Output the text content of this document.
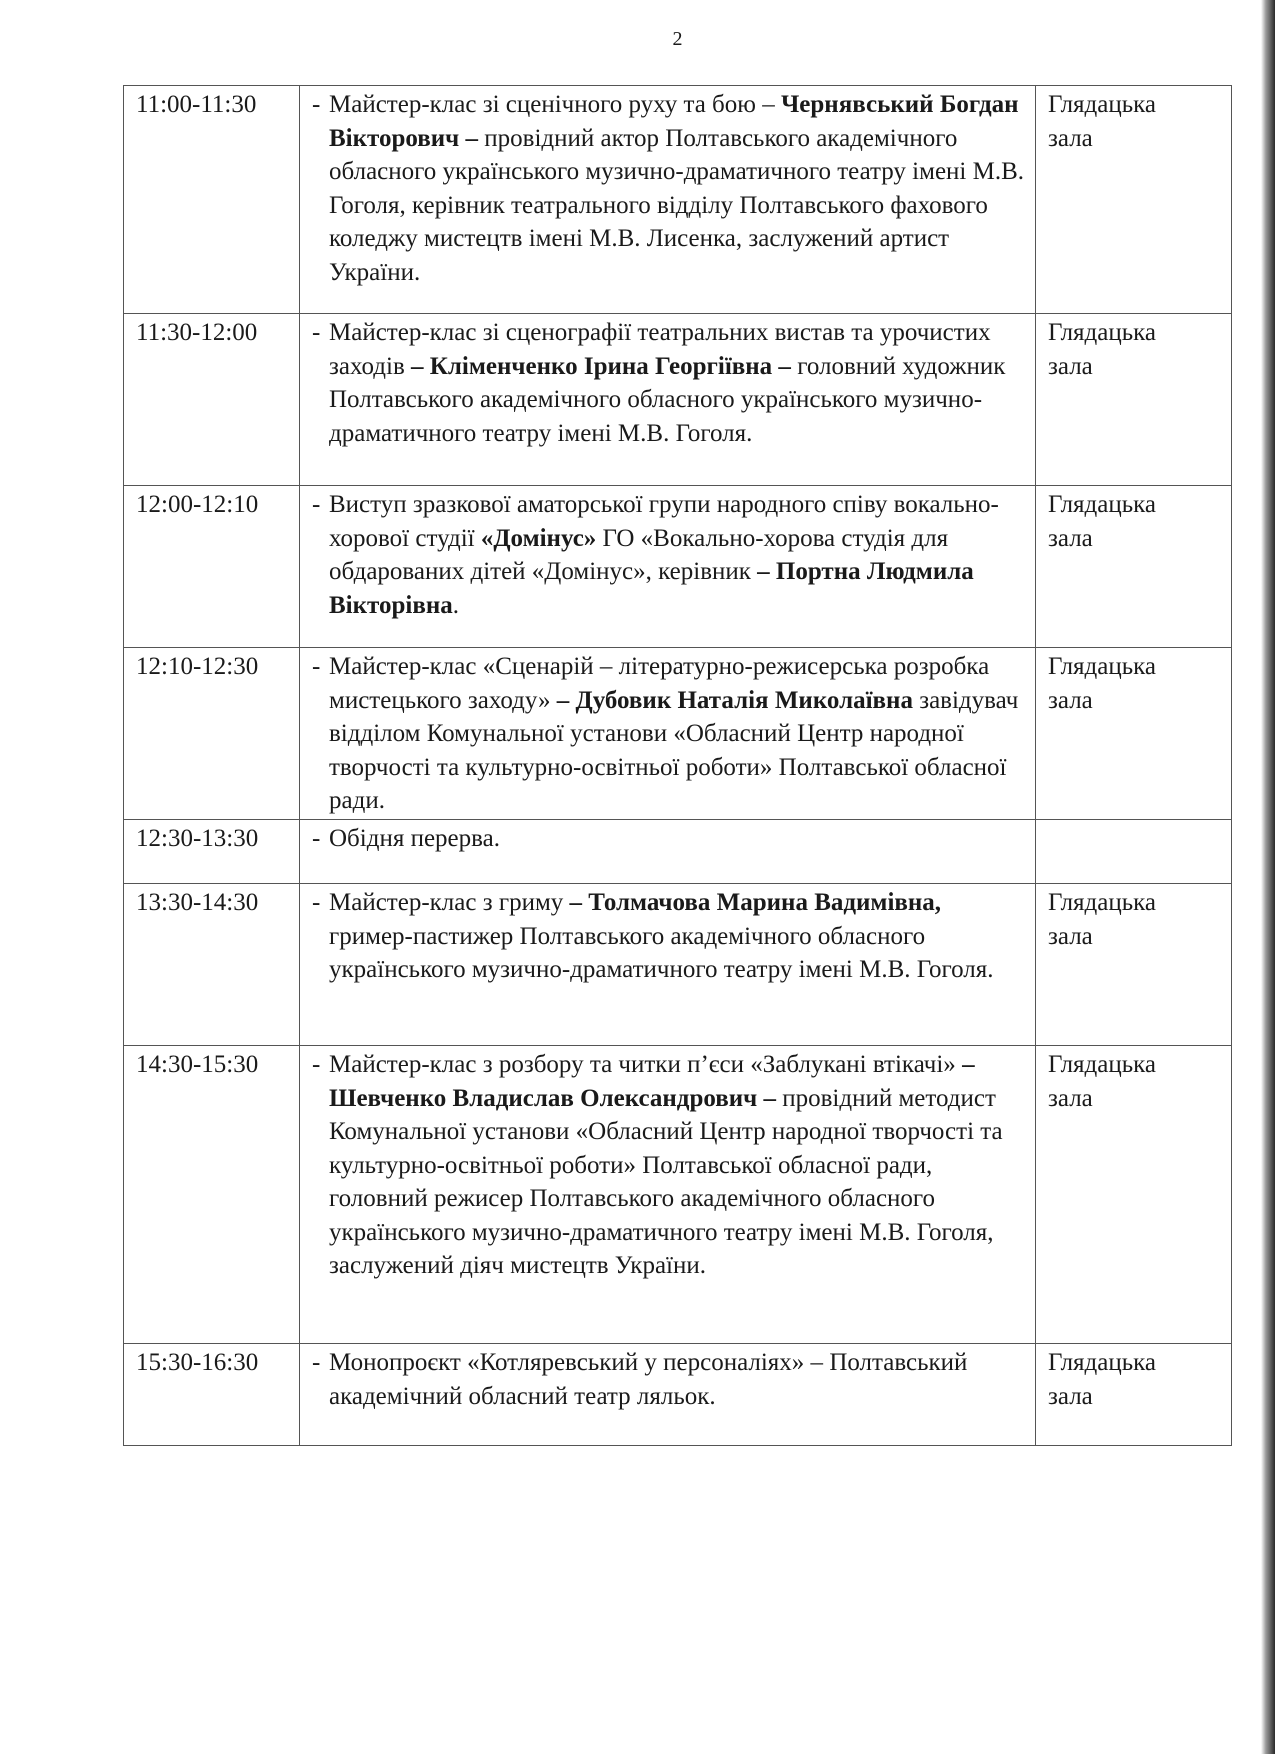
2
11:00-11:30	- Майстер-клас зі сценічного руху та бою – Чернявський Богдан Вікторович – провідний актор Полтавського академічного обласного українського музично-драматичного театру імені М.В. Гоголя, керівник театрального відділу Полтавського фахового коледжу мистецтв імені М.В. Лисенка, заслужений артист України.	Глядацька
зала

11:30-12:00	- Майстер-клас зі сценографії театральних вистав та урочистих заходів – Кліменченко Ірина Георгіївна – головний художник Полтавського академічного обласного українського музично-драматичного театру імені М.В. Гоголя.	Глядацька
зала

12:00-12:10	- Виступ зразкової аматорської групи народного співу вокально-хорової студії «Домінус» ГО «Вокально-хорова студія для обдарованих дітей «Домінус», керівник – Портна Людмила Вікторівна.	Глядацька
зала

12:10-12:30	- Майстер-клас «Сценарій – літературно-режисерська розробка мистецького заходу» – Дубовик Наталія Миколаївна завідувач відділом Комунальної установи «Обласний Центр народної творчості та культурно-освітньої роботи» Полтавської обласної ради.	Глядацька
зала

12:30-13:30	- Обідня перерва.	

13:30-14:30	- Майстер-клас з гриму – Толмачова Марина Вадимівна, гример-пастижер Полтавського академічного обласного українського музично-драматичного театру імені М.В. Гоголя.	Глядацька
зала

14:30-15:30	- Майстер-клас з розбору та читки п’єси «Заблукані втікачі» – Шевченко Владислав Олександрович – провідний методист Комунальної установи «Обласний Центр народної творчості та культурно-освітньої роботи» Полтавської обласної ради, головний режисер Полтавського академічного обласного українського музично-драматичного театру імені М.В. Гоголя, заслужений діяч мистецтв України.	Глядацька
зала

15:30-16:30	- Монопроєкт «Котляревський у персоналіях» – Полтавський академічний обласний театр ляльок.	Глядацька
зала
